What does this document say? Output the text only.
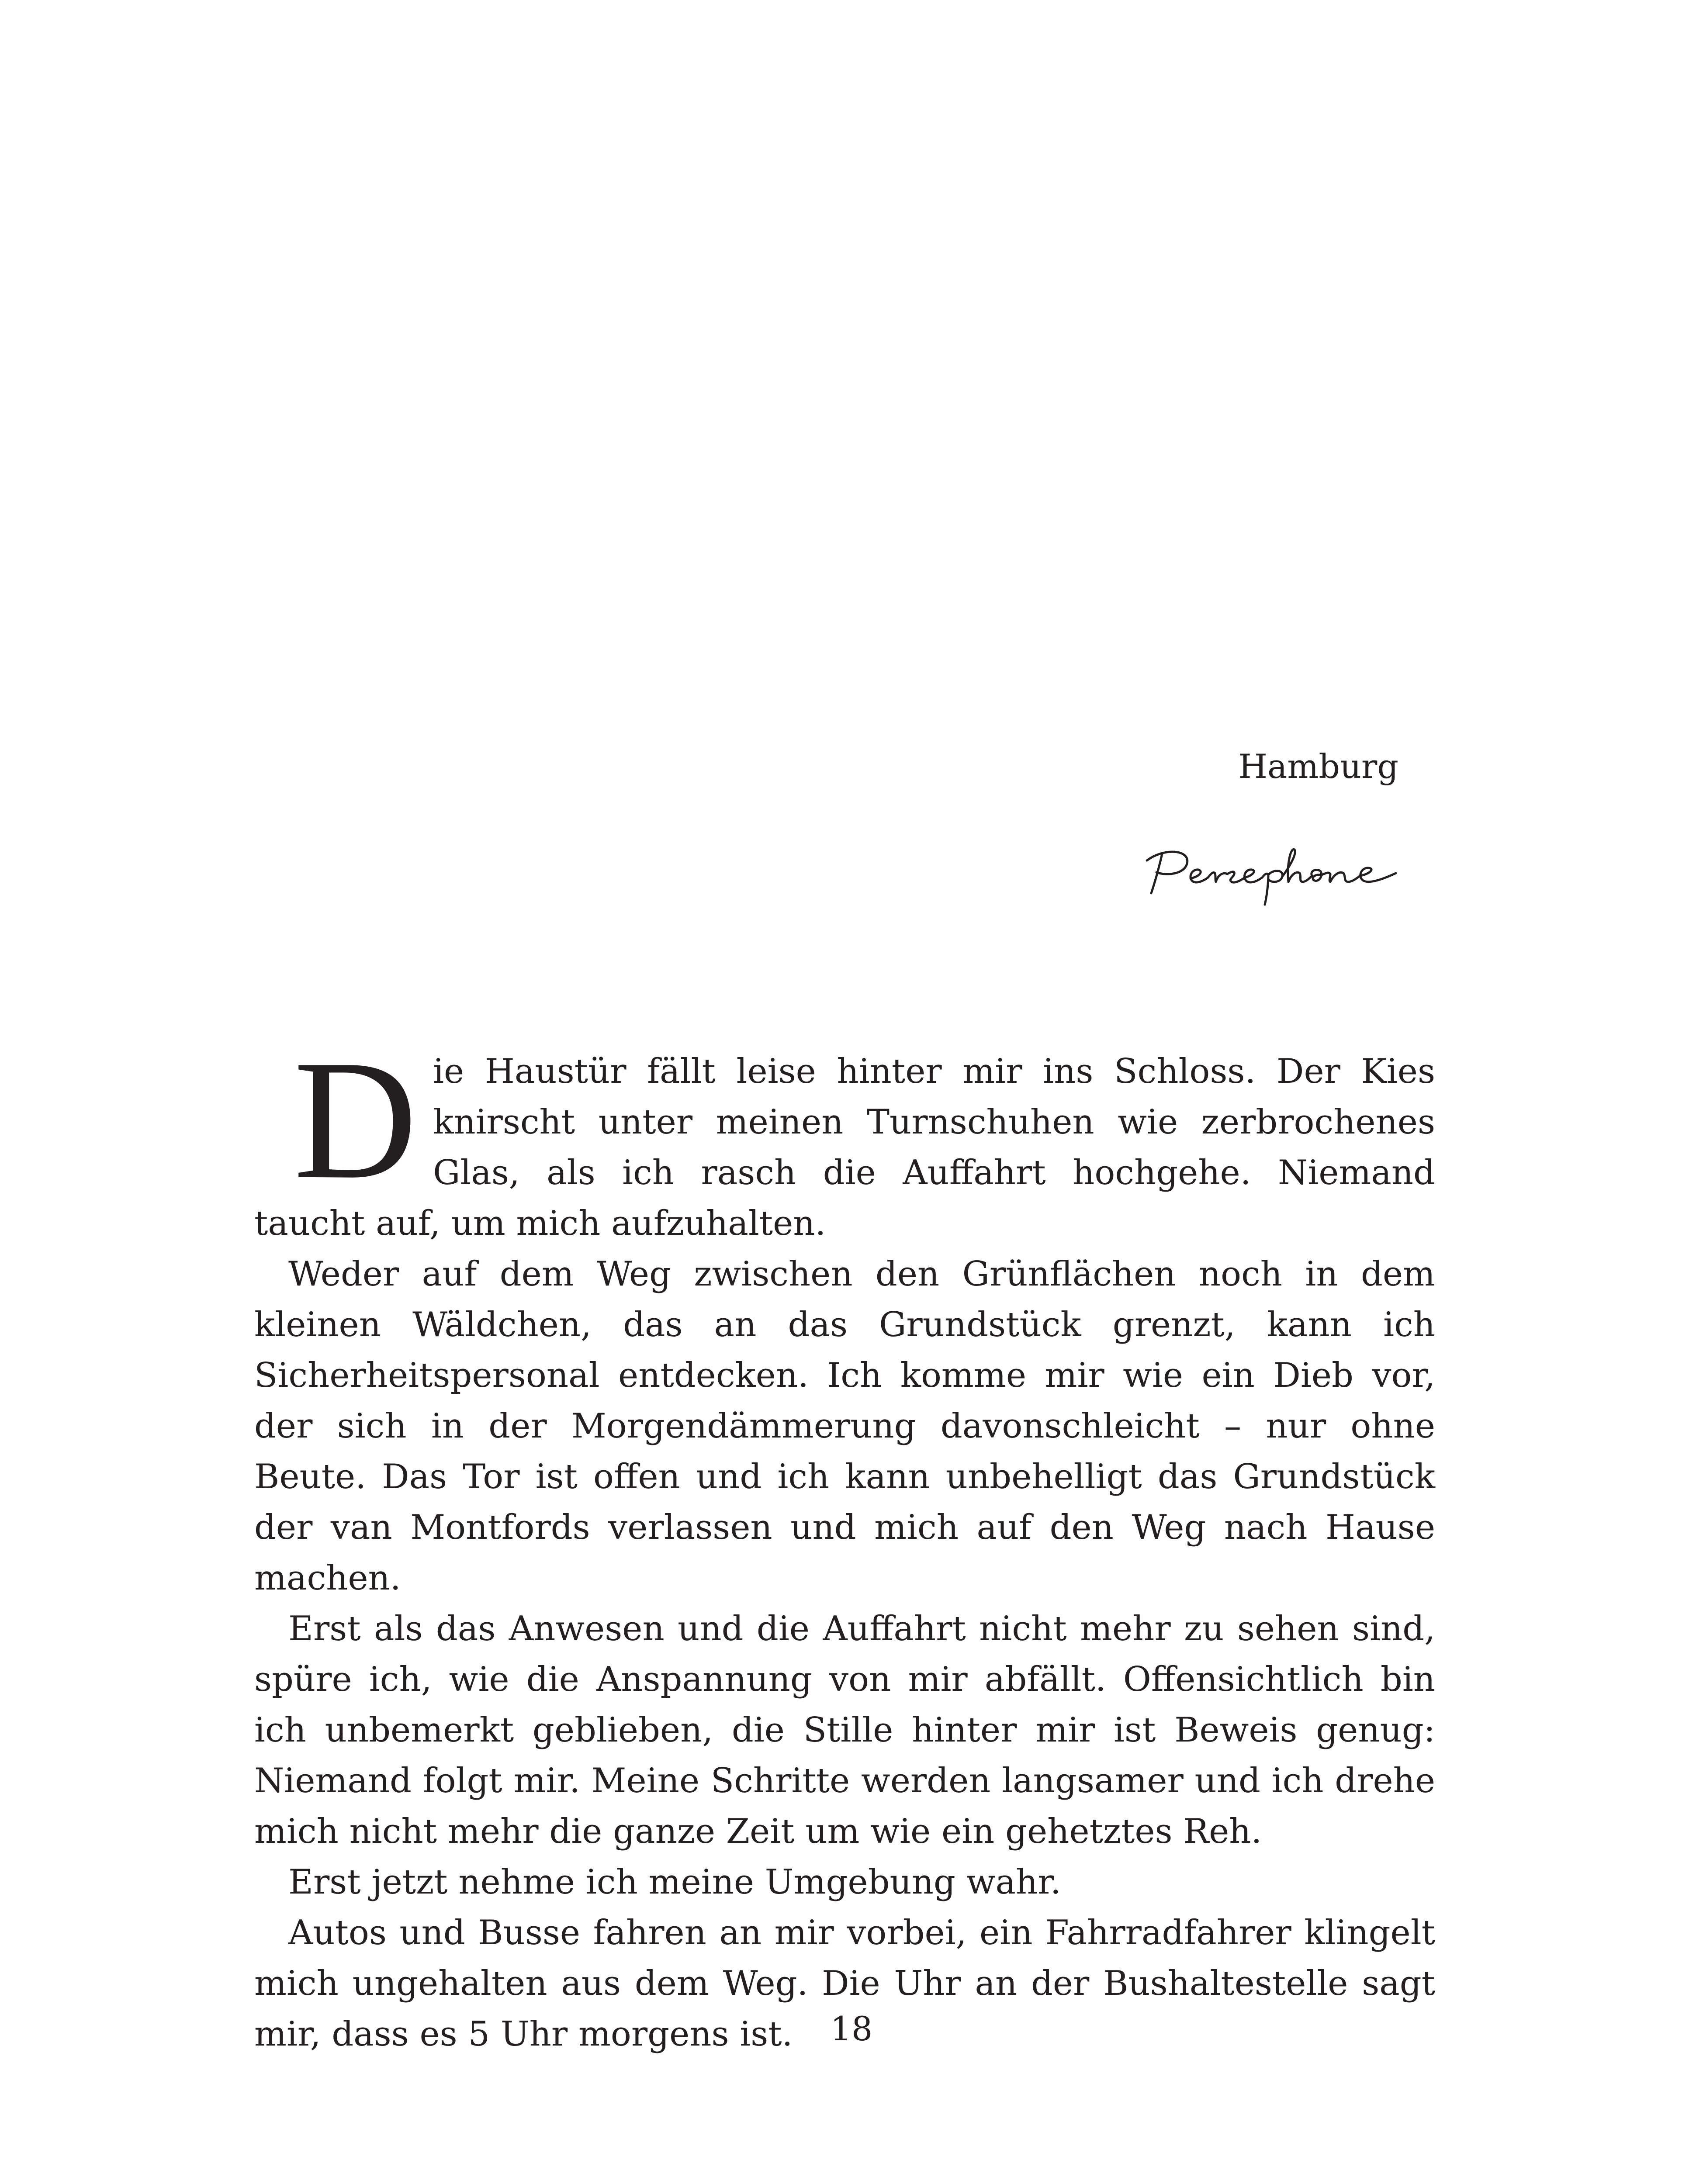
Hamburg

Die Haustür fällt leise hinter mir ins Schloss. Der Kies knirscht unter meinen Turnschuhen wie zerbrochenes Glas, als ich rasch die Auffahrt hochgehe. Niemand taucht auf, um mich aufzuhalten.

Weder auf dem Weg zwischen den Grünflächen noch in dem kleinen Wäldchen, das an das Grundstück grenzt, kann ich Sicherheitspersonal entdecken. Ich komme mir wie ein Dieb vor, der sich in der Morgendämmerung davonschleicht – nur ohne Beute. Das Tor ist offen und ich kann unbehelligt das Grundstück der van Montfords verlassen und mich auf den Weg nach Hause machen.

Erst als das Anwesen und die Auffahrt nicht mehr zu sehen sind, spüre ich, wie die Anspannung von mir abfällt. Offensichtlich bin ich unbemerkt geblieben, die Stille hinter mir ist Beweis genug: Niemand folgt mir. Meine Schritte werden langsamer und ich drehe mich nicht mehr die ganze Zeit um wie ein gehetztes Reh.

Erst jetzt nehme ich meine Umgebung wahr.

Autos und Busse fahren an mir vorbei, ein Fahrradfahrer klingelt mich ungehalten aus dem Weg. Die Uhr an der Bushaltestelle sagt mir, dass es 5 Uhr morgens ist.	18
